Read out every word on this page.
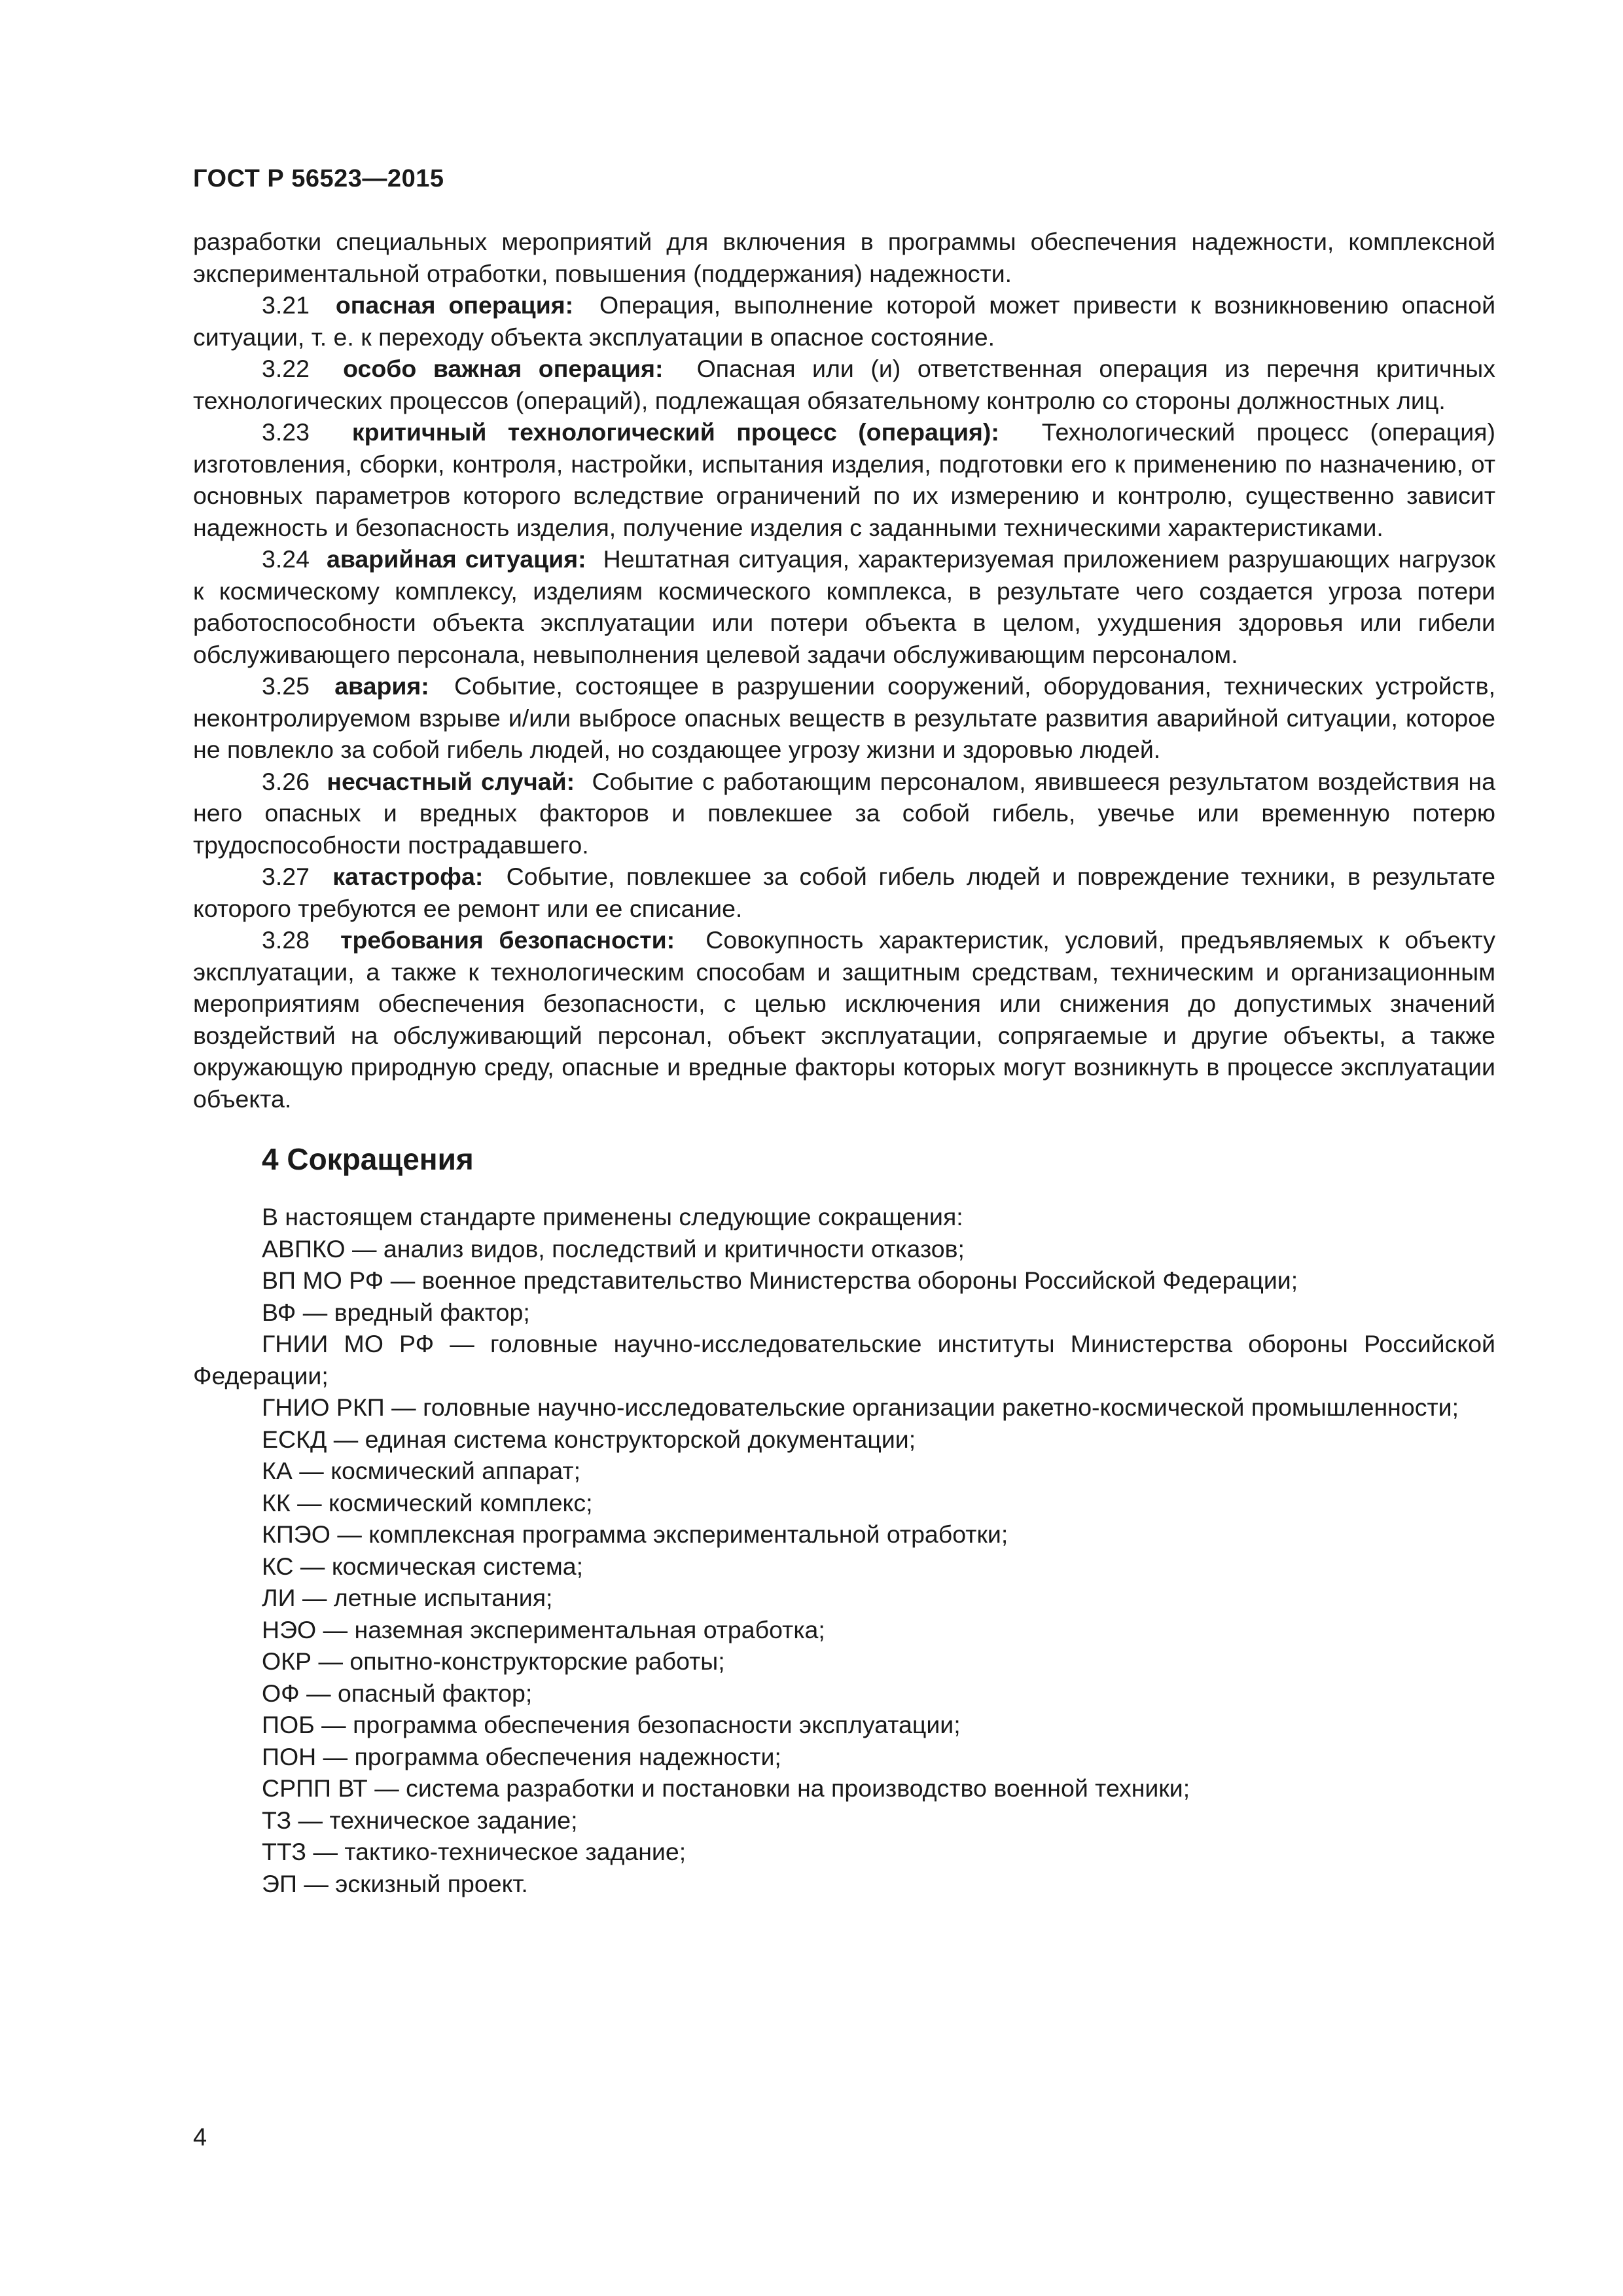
ГОСТ Р 56523—2015

разработки специальных мероприятий для включения в программы обеспечения надежности, комплексной экспериментальной отработки, повышения (поддержания) надежности.

3.21 опасная операция: Операция, выполнение которой может привести к возникновению опасной ситуации, т. е. к переходу объекта эксплуатации в опасное состояние.

3.22 особо важная операция: Опасная или (и) ответственная операция из перечня критичных технологических процессов (операций), подлежащая обязательному контролю со стороны должностных лиц.

3.23 критичный технологический процесс (операция): Технологический процесс (операция) изготовления, сборки, контроля, настройки, испытания изделия, подготовки его к применению по назначению, от основных параметров которого вследствие ограничений по их измерению и контролю, существенно зависит надежность и безопасность изделия, получение изделия с заданными техническими характеристиками.

3.24 аварийная ситуация: Нештатная ситуация, характеризуемая приложением разрушающих нагрузок к космическому комплексу, изделиям космического комплекса, в результате чего создается угроза потери работоспособности объекта эксплуатации или потери объекта в целом, ухудшения здоровья или гибели обслуживающего персонала, невыполнения целевой задачи обслуживающим персоналом.

3.25 авария: Событие, состоящее в разрушении сооружений, оборудования, технических устройств, неконтролируемом взрыве и/или выбросе опасных веществ в результате развития аварийной ситуации, которое не повлекло за собой гибель людей, но создающее угрозу жизни и здоровью людей.

3.26 несчастный случай: Событие с работающим персоналом, явившееся результатом воздействия на него опасных и вредных факторов и повлекшее за собой гибель, увечье или временную потерю трудоспособности пострадавшего.

3.27 катастрофа: Событие, повлекшее за собой гибель людей и повреждение техники, в результате которого требуются ее ремонт или ее списание.

3.28 требования безопасности: Совокупность характеристик, условий, предъявляемых к объекту эксплуатации, а также к технологическим способам и защитным средствам, техническим и организационным мероприятиям обеспечения безопасности, с целью исключения или снижения до допустимых значений воздействий на обслуживающий персонал, объект эксплуатации, сопрягаемые и другие объекты, а также окружающую природную среду, опасные и вредные факторы которых могут возникнуть в процессе эксплуатации объекта.

4 Сокращения

В настоящем стандарте применены следующие сокращения:

АВПКО — анализ видов, последствий и критичности отказов;
ВП МО РФ — военное представительство Министерства обороны Российской Федерации;
ВФ — вредный фактор;
ГНИИ МО РФ — головные научно-исследовательские институты Министерства обороны Российской Федерации;
ГНИО РКП — головные научно-исследовательские организации ракетно-космической промышленности;
ЕСКД — единая система конструкторской документации;
КА — космический аппарат;
КК — космический комплекс;
КПЭО — комплексная программа экспериментальной отработки;
КС — космическая система;
ЛИ — летные испытания;
НЭО — наземная экспериментальная отработка;
ОКР — опытно-конструкторские работы;
ОФ — опасный фактор;
ПОБ — программа обеспечения безопасности эксплуатации;
ПОН — программа обеспечения надежности;
СРПП ВТ — система разработки и постановки на производство военной техники;
ТЗ — техническое задание;
ТТЗ — тактико-техническое задание;
ЭП — эскизный проект.
4
